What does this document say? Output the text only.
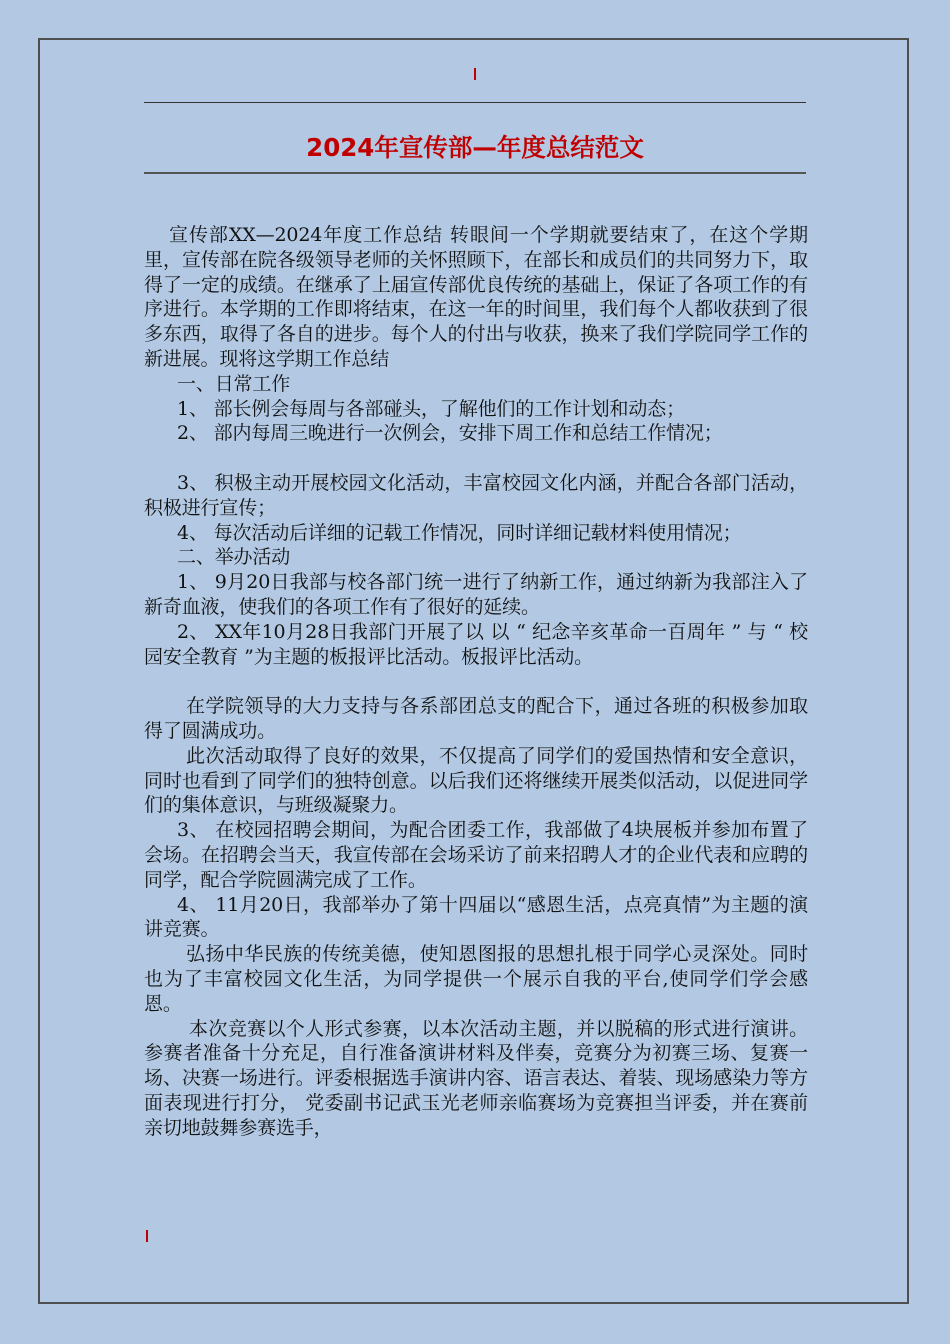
2024年宣传部—年度总结范文

宣传部XX—2024年度工作总结 转眼间一个学期就要结束了，在这个学期里，宣传部在院各级领导老师的关怀照顾下，在部长和成员们的共同努力下，取得了一定的成绩。在继承了上届宣传部优良传统的基础上，保证了各项工作的有序进行。本学期的工作即将结束，在这一年的时间里，我们每个人都收获到了很多东西，取得了各自的进步。每个人的付出与收获，换来了我们学院同学工作的新进展。现将这学期工作总结

一、日常工作

1、 部长例会每周与各部碰头，了解他们的工作计划和动态；

2、 部内每周三晚进行一次例会，安排下周工作和总结工作情况；

3、 积极主动开展校园文化活动，丰富校园文化内涵，并配合各部门活动，积极进行宣传；

4、 每次活动后详细的记载工作情况，同时详细记载材料使用情况；

二、举办活动

1、 9月20日我部与校各部门统一进行了纳新工作，通过纳新为我部注入了新奇血液，使我们的各项工作有了很好的延续。

2、 XX年10月28日我部门开展了以 以 “ 纪念辛亥革命一百周年 ” 与 “ 校园安全教育 ”为主题的板报评比活动。板报评比活动。

在学院领导的大力支持与各系部团总支的配合下，通过各班的积极参加取得了圆满成功。

此次活动取得了良好的效果，不仅提高了同学们的爱国热情和安全意识，同时也看到了同学们的独特创意。以后我们还将继续开展类似活动，以促进同学们的集体意识，与班级凝聚力。

3、 在校园招聘会期间，为配合团委工作，我部做了4块展板并参加布置了会场。在招聘会当天，我宣传部在会场采访了前来招聘人才的企业代表和应聘的同学，配合学院圆满完成了工作。

4、 11月20日，我部举办了第十四届以“感恩生活，点亮真情”为主题的演讲竞赛。

弘扬中华民族的传统美德，使知恩图报的思想扎根于同学心灵深处。同时也为了丰富校园文化生活，为同学提供一个展示自我的平台,使同学们学会感恩。

本次竞赛以个人形式参赛，以本次活动主题，并以脱稿的形式进行演讲。参赛者准备十分充足，自行准备演讲材料及伴奏，竞赛分为初赛三场、复赛一场、决赛一场进行。评委根据选手演讲内容、语言表达、着装、现场感染力等方面表现进行打分， 党委副书记武玉光老师亲临赛场为竞赛担当评委，并在赛前亲切地鼓舞参赛选手，
